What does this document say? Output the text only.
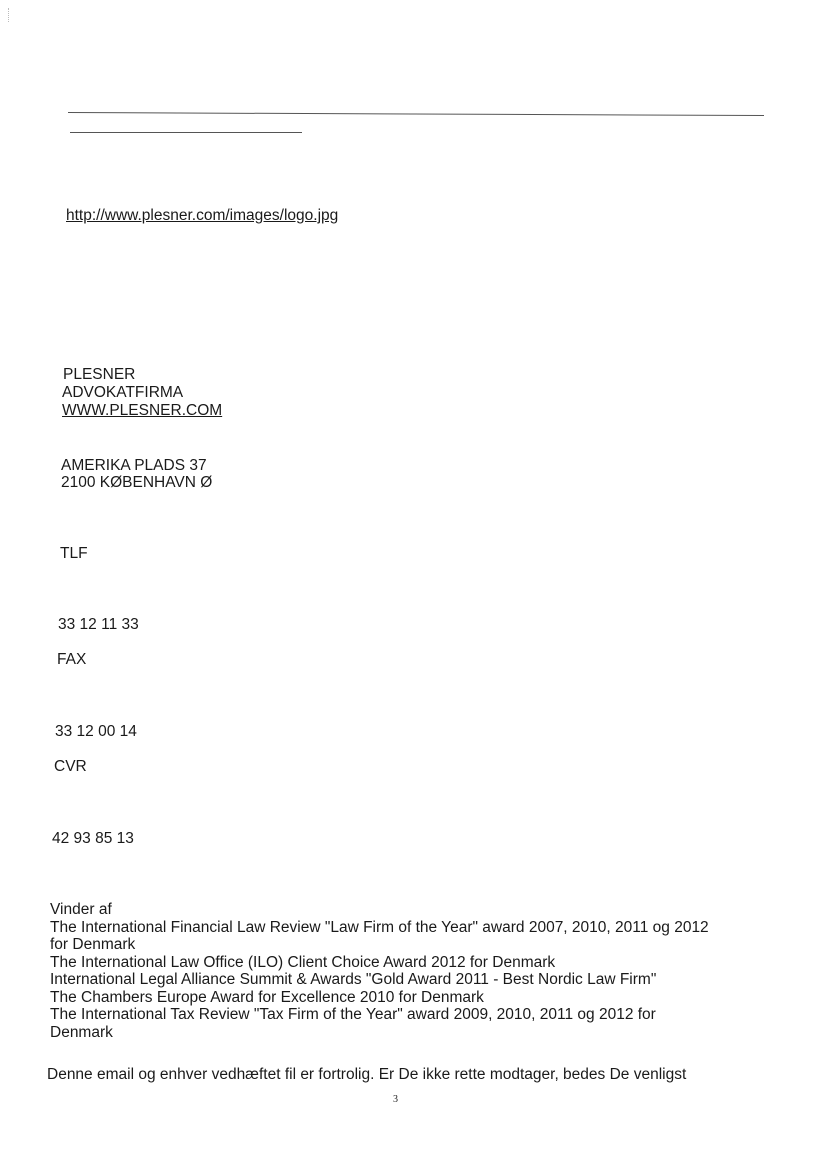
http://www.plesner.com/images/logo.jpg
PLESNER
ADVOKATFIRMA
WWW.PLESNER.COM
AMERIKA PLADS 37
2100 KØBENHAVN Ø
TLF
33 12 11 33
FAX
33 12 00 14
CVR
42 93 85 13
Vinder af
The International Financial Law Review "Law Firm of the Year" award 2007, 2010, 2011 og 2012
for Denmark
The International Law Office (ILO) Client Choice Award 2012 for Denmark
International Legal Alliance Summit & Awards "Gold Award 2011 - Best Nordic Law Firm"
The Chambers Europe Award for Excellence 2010 for Denmark
The International Tax Review "Tax Firm of the Year" award 2009, 2010, 2011 og 2012 for
Denmark
Denne email og enhver vedhæftet fil er fortrolig. Er De ikke rette modtager, bedes De venligst
3
